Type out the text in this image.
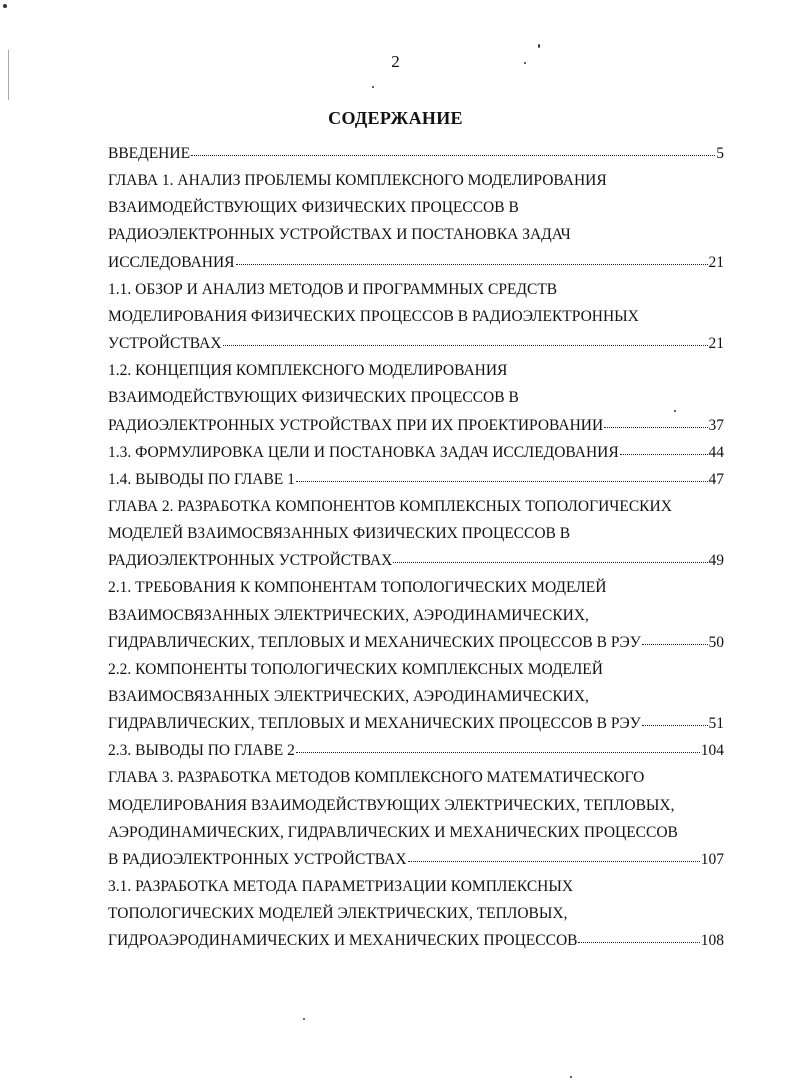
2
СОДЕРЖАНИЕ
ВВЕДЕНИЕ	5
ГЛАВА 1. АНАЛИЗ ПРОБЛЕМЫ КОМПЛЕКСНОГО МОДЕЛИРОВАНИЯ
ВЗАИМОДЕЙСТВУЮЩИХ ФИЗИЧЕСКИХ ПРОЦЕССОВ В
РАДИОЭЛЕКТРОННЫХ УСТРОЙСТВАХ И ПОСТАНОВКА ЗАДАЧ
ИССЛЕДОВАНИЯ	21
1.1. ОБЗОР И АНАЛИЗ МЕТОДОВ И ПРОГРАММНЫХ СРЕДСТВ
МОДЕЛИРОВАНИЯ ФИЗИЧЕСКИХ ПРОЦЕССОВ В РАДИОЭЛЕКТРОННЫХ
УСТРОЙСТВАХ	21
1.2. КОНЦЕПЦИЯ КОМПЛЕКСНОГО МОДЕЛИРОВАНИЯ
ВЗАИМОДЕЙСТВУЮЩИХ ФИЗИЧЕСКИХ ПРОЦЕССОВ В
РАДИОЭЛЕКТРОННЫХ УСТРОЙСТВАХ ПРИ ИХ ПРОЕКТИРОВАНИИ	37
1.3. ФОРМУЛИРОВКА ЦЕЛИ И ПОСТАНОВКА ЗАДАЧ ИССЛЕДОВАНИЯ	44
1.4. ВЫВОДЫ ПО ГЛАВЕ 1	47
ГЛАВА 2. РАЗРАБОТКА КОМПОНЕНТОВ КОМПЛЕКСНЫХ ТОПОЛОГИЧЕСКИХ
МОДЕЛЕЙ ВЗАИМОСВЯЗАННЫХ ФИЗИЧЕСКИХ ПРОЦЕССОВ В
РАДИОЭЛЕКТРОННЫХ УСТРОЙСТВАХ	49
2.1. ТРЕБОВАНИЯ К КОМПОНЕНТАМ ТОПОЛОГИЧЕСКИХ МОДЕЛЕЙ
ВЗАИМОСВЯЗАННЫХ ЭЛЕКТРИЧЕСКИХ, АЭРОДИНАМИЧЕСКИХ,
ГИДРАВЛИЧЕСКИХ, ТЕПЛОВЫХ И МЕХАНИЧЕСКИХ ПРОЦЕССОВ В РЭУ	50
2.2. КОМПОНЕНТЫ ТОПОЛОГИЧЕСКИХ КОМПЛЕКСНЫХ МОДЕЛЕЙ
ВЗАИМОСВЯЗАННЫХ ЭЛЕКТРИЧЕСКИХ, АЭРОДИНАМИЧЕСКИХ,
ГИДРАВЛИЧЕСКИХ, ТЕПЛОВЫХ И МЕХАНИЧЕСКИХ ПРОЦЕССОВ В РЭУ	51
2.3. ВЫВОДЫ ПО ГЛАВЕ 2	104
ГЛАВА 3. РАЗРАБОТКА МЕТОДОВ КОМПЛЕКСНОГО МАТЕМАТИЧЕСКОГО
МОДЕЛИРОВАНИЯ ВЗАИМОДЕЙСТВУЮЩИХ ЭЛЕКТРИЧЕСКИХ, ТЕПЛОВЫХ,
АЭРОДИНАМИЧЕСКИХ, ГИДРАВЛИЧЕСКИХ И МЕХАНИЧЕСКИХ ПРОЦЕССОВ
В РАДИОЭЛЕКТРОННЫХ УСТРОЙСТВАХ	107
3.1. РАЗРАБОТКА МЕТОДА ПАРАМЕТРИЗАЦИИ КОМПЛЕКСНЫХ
ТОПОЛОГИЧЕСКИХ МОДЕЛЕЙ ЭЛЕКТРИЧЕСКИХ, ТЕПЛОВЫХ,
ГИДРОАЭРОДИНАМИЧЕСКИХ И МЕХАНИЧЕСКИХ ПРОЦЕССОВ	108
